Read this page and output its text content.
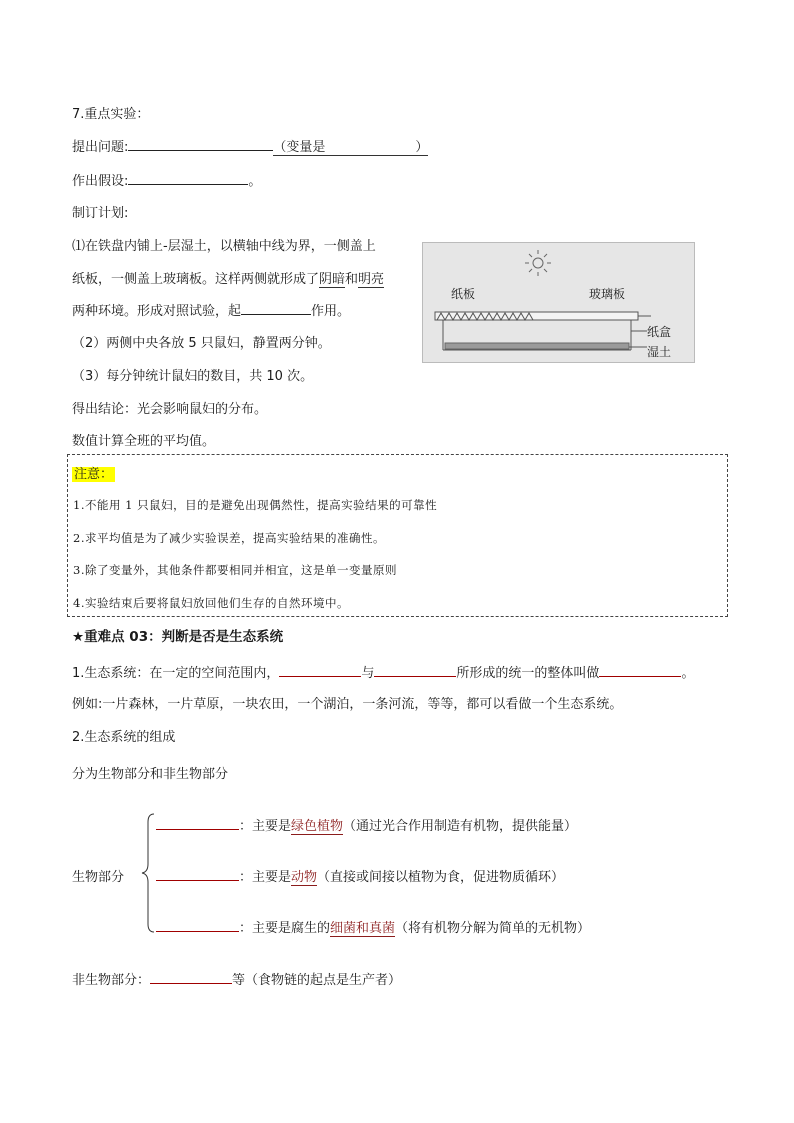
7.重点实验：
提出问题:	（变量是	）
作出假设:	。
制订计划:
⑴在铁盘内铺上-层湿土，以横轴中线为界，一侧盖上
纸板，一侧盖上玻璃板。这样两侧就形成了阴暗和明亮
两种环境。形成对照试验，起	作用。
（2）两侧中央各放 5 只鼠妇，静置两分钟。
（3）每分钟统计鼠妇的数目，共 10 次。
得出结论：光会影响鼠妇的分布。
数值计算全班的平均值。
纸板	玻璃板
纸盒
湿土
注意：
1.不能用 1 只鼠妇，目的是避免出现偶然性，提高实验结果的可靠性
2.求平均值是为了减少实验误差，提高实验结果的准确性。
3.除了变量外，其他条件都要相同并相宜，这是单一变量原则
4.实验结束后要将鼠妇放回他们生存的自然环境中。
★重难点 03：判断是否是生态系统
1.生态系统：在一定的空间范围内，	与	所形成的统一的整体叫做	。
例如:一片森林，一片草原，一块农田，一个湖泊，一条河流，等等，都可以看做一个生态系统。
2.生态系统的组成
分为生物部分和非生物部分
生物部分
：主要是绿色植物（通过光合作用制造有机物，提供能量）
：主要是动物（直接或间接以植物为食，促进物质循环）
：主要是腐生的细菌和真菌（将有机物分解为简单的无机物）
非生物部分：	等（食物链的起点是生产者）
